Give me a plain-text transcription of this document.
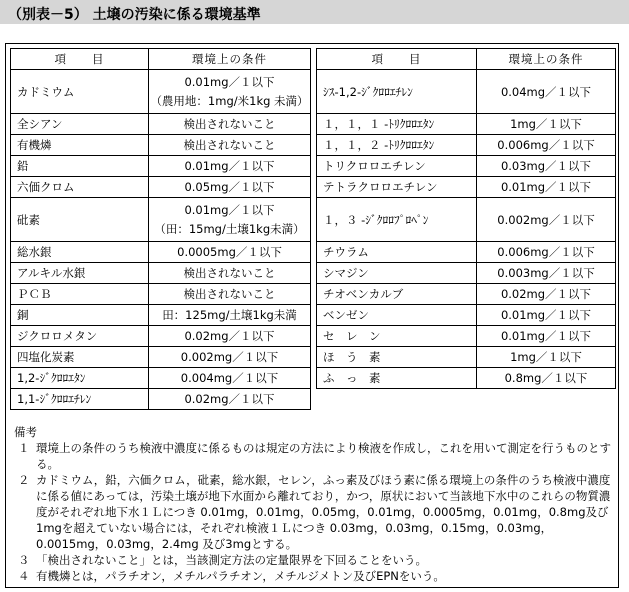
（別表－5） 土壌の汚染に係る環境基準
項　　目	環境上の条件
カドミウム	0.01mg／１以下
（農用地：1mg/米1kg 未満）

全シアン	検出されないこと
有機燐	検出されないこと
鉛	0.01mg／１以下
六価クロム	0.05mg／１以下
砒素	0.01mg／１以下
（田：15mg/土壌1kg未満）

総水銀	0.0005mg／１以下
アルキル水銀	検出されないこと
ＰＣＢ	検出されないこと
銅	田：125mg/土壌1kg未満
ジクロロメタン	0.02mg／１以下
四塩化炭素	0.002mg／１以下
1,2-ｼﾞｸﾛﾛｴﾀﾝ	0.004mg／１以下
1,1-ｼﾞｸﾛﾛｴﾁﾚﾝ	0.02mg／１以下
項　　目	環境上の条件
ｼｽ-1,2-ｼﾞｸﾛﾛｴﾁﾚﾝ	0.04mg／１以下
１，１，１ -ﾄﾘｸﾛﾛｴﾀﾝ	1mg／１以下
１，１，２ -ﾄﾘｸﾛﾛｴﾀﾝ	0.006mg／１以下
トリクロロエチレン	0.03mg／１以下
テトラクロロエチレン	0.01mg／１以下
１，３ -ｼﾞｸﾛﾛﾌﾟﾛﾍﾟﾝ	0.002mg／１以下
チウラム	0.006mg／１以下
シマジン	0.003mg／１以下
チオベンカルブ	0.02mg／１以下
ベンゼン	0.01mg／１以下
セ　レ　ン	0.01mg／１以下
ほ　う　素	1mg／１以下
ふ　っ　素	0.8mg／１以下
備考
１ 環境上の条件のうち検液中濃度に係るものは規定の方法により検液を作成し，これを用いて測定を行うものとする。
２ カドミウム，鉛，六価クロム，砒素，総水銀，セレン，ふっ素及びほう素に係る環境上の条件のうち検液中濃度に係る値にあっては，汚染土壌が地下水面から離れており，かつ，原状において当該地下水中のこれらの物質濃度がそれぞれ地下水１Ｌにつき 0.01mg，0.01mg，0.05mg，0.01mg，0.0005mg，0.01mg，0.8mg及び1mgを超えていない場合には，それぞれ検液１Ｌにつき 0.03mg，0.03mg，0.15mg，0.03mg，0.0015mg，0.03mg，2.4mg 及び3mgとする。
３ 「検出されないこと」とは，当該測定方法の定量限界を下回ることをいう。
４ 有機燐とは，パラチオン，メチルパラチオン，メチルジメトン及びEPNをいう。
